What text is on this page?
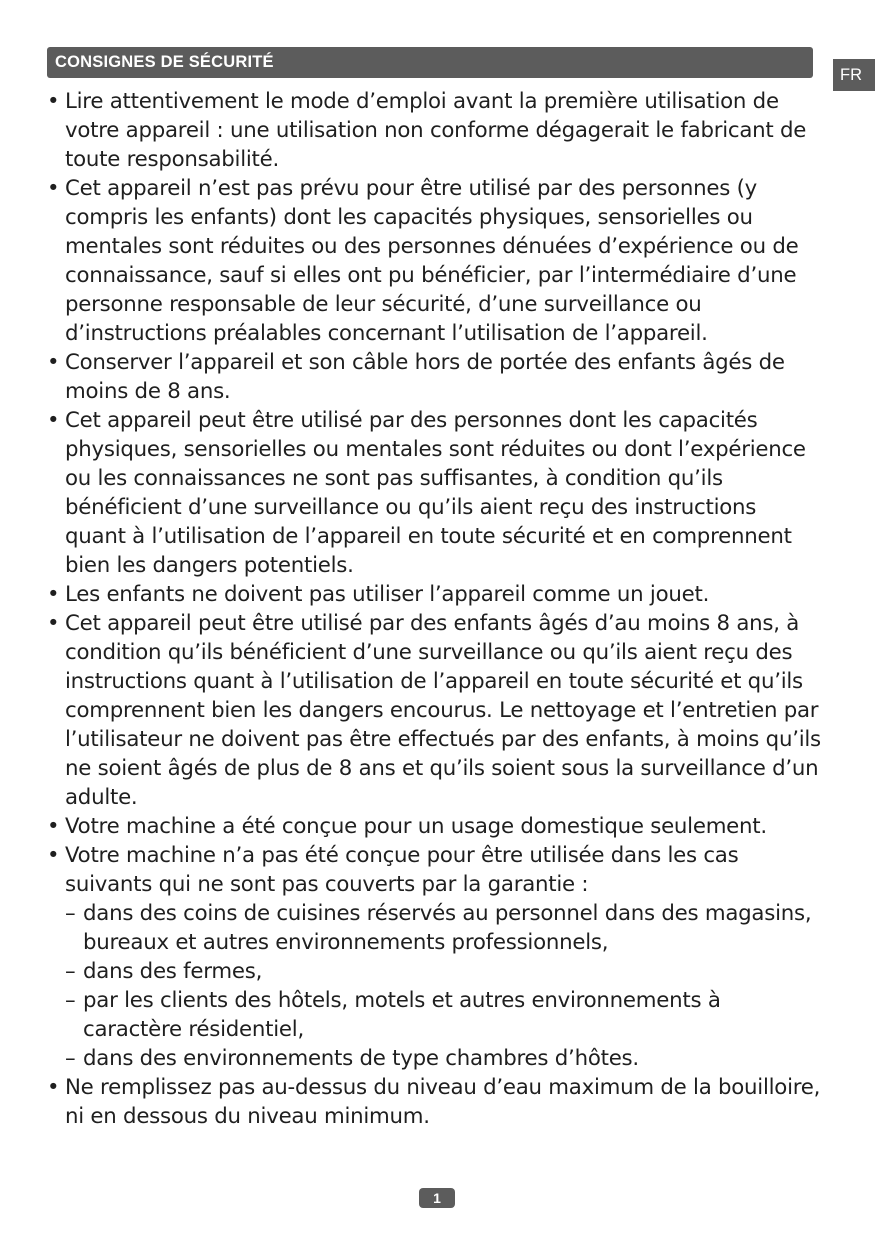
CONSIGNES DE SÉCURITÉ
FR
• Lire attentivement le mode d’emploi avant la première utilisation de votre appareil : une utilisation non conforme dégagerait le fabricant de toute responsabilité.
• Cet appareil n’est pas prévu pour être utilisé par des personnes (y compris les enfants) dont les capacités physiques, sensorielles ou mentales sont réduites ou des personnes dénuées d’expérience ou de connaissance, sauf si elles ont pu bénéficier, par l’intermédiaire d’une personne responsable de leur sécurité, d’une surveillance ou d’instructions préalables concernant l’utilisation de l’appareil.
• Conserver l’appareil et son câble hors de portée des enfants âgés de moins de 8 ans.
• Cet appareil peut être utilisé par des personnes dont les capacités physiques, sensorielles ou mentales sont réduites ou dont l’expérience ou les connaissances ne sont pas suffisantes, à condition qu’ils bénéficient d’une surveillance ou qu’ils aient reçu des instructions quant à l’utilisation de l’appareil en toute sécurité et en comprennent bien les dangers potentiels.
• Les enfants ne doivent pas utiliser l’appareil comme un jouet.
• Cet appareil peut être utilisé par des enfants âgés d’au moins 8 ans, à condition qu’ils bénéficient d’une surveillance ou qu’ils aient reçu des instructions quant à l’utilisation de l’appareil en toute sécurité et qu’ils comprennent bien les dangers encourus. Le nettoyage et l’entretien par l’utilisateur ne doivent pas être effectués par des enfants, à moins qu’ils ne soient âgés de plus de 8 ans et qu’ils soient sous la surveillance d’un adulte.
• Votre machine a été conçue pour un usage domestique seulement.
• Votre machine n’a pas été conçue pour être utilisée dans les cas suivants qui ne sont pas couverts par la garantie :
– dans des coins de cuisines réservés au personnel dans des magasins, bureaux et autres environnements professionnels,
– dans des fermes,
– par les clients des hôtels, motels et autres environnements à caractère résidentiel,
– dans des environnements de type chambres d’hôtes.
• Ne remplissez pas au-dessus du niveau d’eau maximum de la bouilloire, ni en dessous du niveau minimum.
1
